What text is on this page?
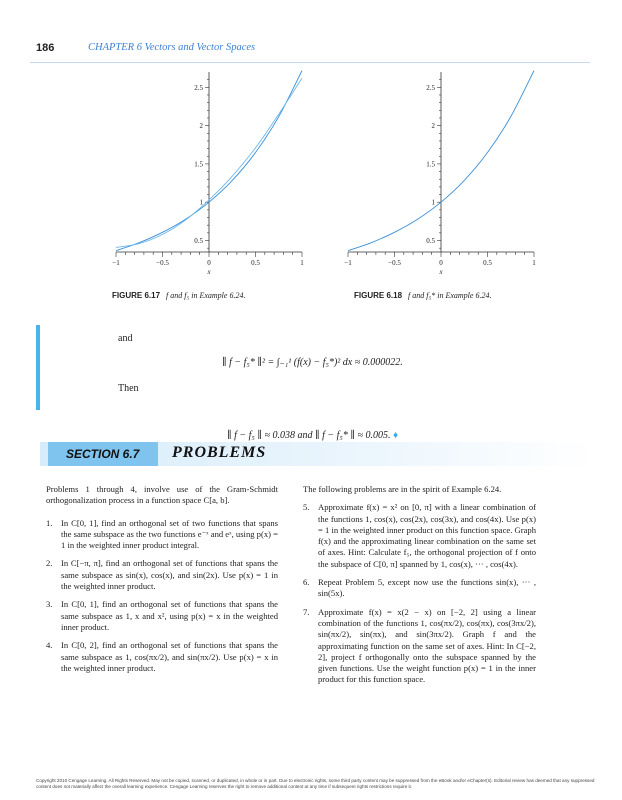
186	CHAPTER 6 Vectors and Vector Spaces
−1	−0.5	0	0.5	1
x
0.5
1
1.5
2
2.5
−1	−0.5	0	0.5	1
x
0.5
1
1.5
2
2.5
FIGURE 6.17 f and f₅ in Example 6.24.	FIGURE 6.18 f and f₅* in Example 6.24.
and
∥ f − f₅* ∥² = ∫₋₁¹ (f(x) − f₅*)² dx ≈ 0.000022.
Then
∥ f − f₅ ∥ ≈ 0.038 and ∥ f − f₅* ∥ ≈ 0.005. ♦
SECTION 6.7 PROBLEMS

Problems 1 through 4, involve use of the Gram-Schmidt orthogonalization process in a function space C[a, b].

1. In C[0, 1], find an orthogonal set of two functions that spans the same subspace as the two functions e⁻ˣ and eˣ, using p(x) = 1 in the weighted inner product integral.
2. In C[−π, π], find an orthogonal set of functions that spans the same subspace as sin(x), cos(x), and sin(2x). Use p(x) = 1 in the weighted inner product.
3. In C[0, 1], find an orthogonal set of functions that spans the same subspace as 1, x and x², using p(x) = x in the weighted inner product.
4. In C[0, 2], find an orthogonal set of functions that spans the same subspace as 1, cos(πx/2), and sin(πx/2). Use p(x) = x in the weighted inner product.

The following problems are in the spirit of Example 6.24.

5. Approximate f(x) = x² on [0, π] with a linear combination of the functions 1, cos(x), cos(2x), cos(3x), and cos(4x). Use p(x) = 1 in the weighted inner product on this function space. Graph f(x) and the approximating linear combination on the same set of axes. Hint: Calculate f₅, the orthogonal projection of f onto the subspace of C[0, π] spanned by 1, cos(x), ··· , cos(4x).
6. Repeat Problem 5, except now use the functions sin(x), ··· , sin(5x).
7. Approximate f(x) = x(2 − x) on [−2, 2] using a linear combination of the functions 1, cos(πx/2), cos(πx), cos(3πx/2), sin(πx/2), sin(πx), and sin(3πx/2). Graph f and the approximating function on the same set of axes. Hint: In C[−2, 2], project f orthogonally onto the subspace spanned by the given functions. Use the weight function p(x) = 1 in the inner product for this function space.
Copyright 2010 Cengage Learning. All Rights Reserved. May not be copied, scanned, or duplicated, in whole or in part. Due to electronic rights, some third party content may be suppressed from the eBook and/or eChapter(s). Editorial review has deemed that any suppressed content does not materially affect the overall learning experience. Cengage Learning reserves the right to remove additional content at any time if subsequent rights restrictions require it.
